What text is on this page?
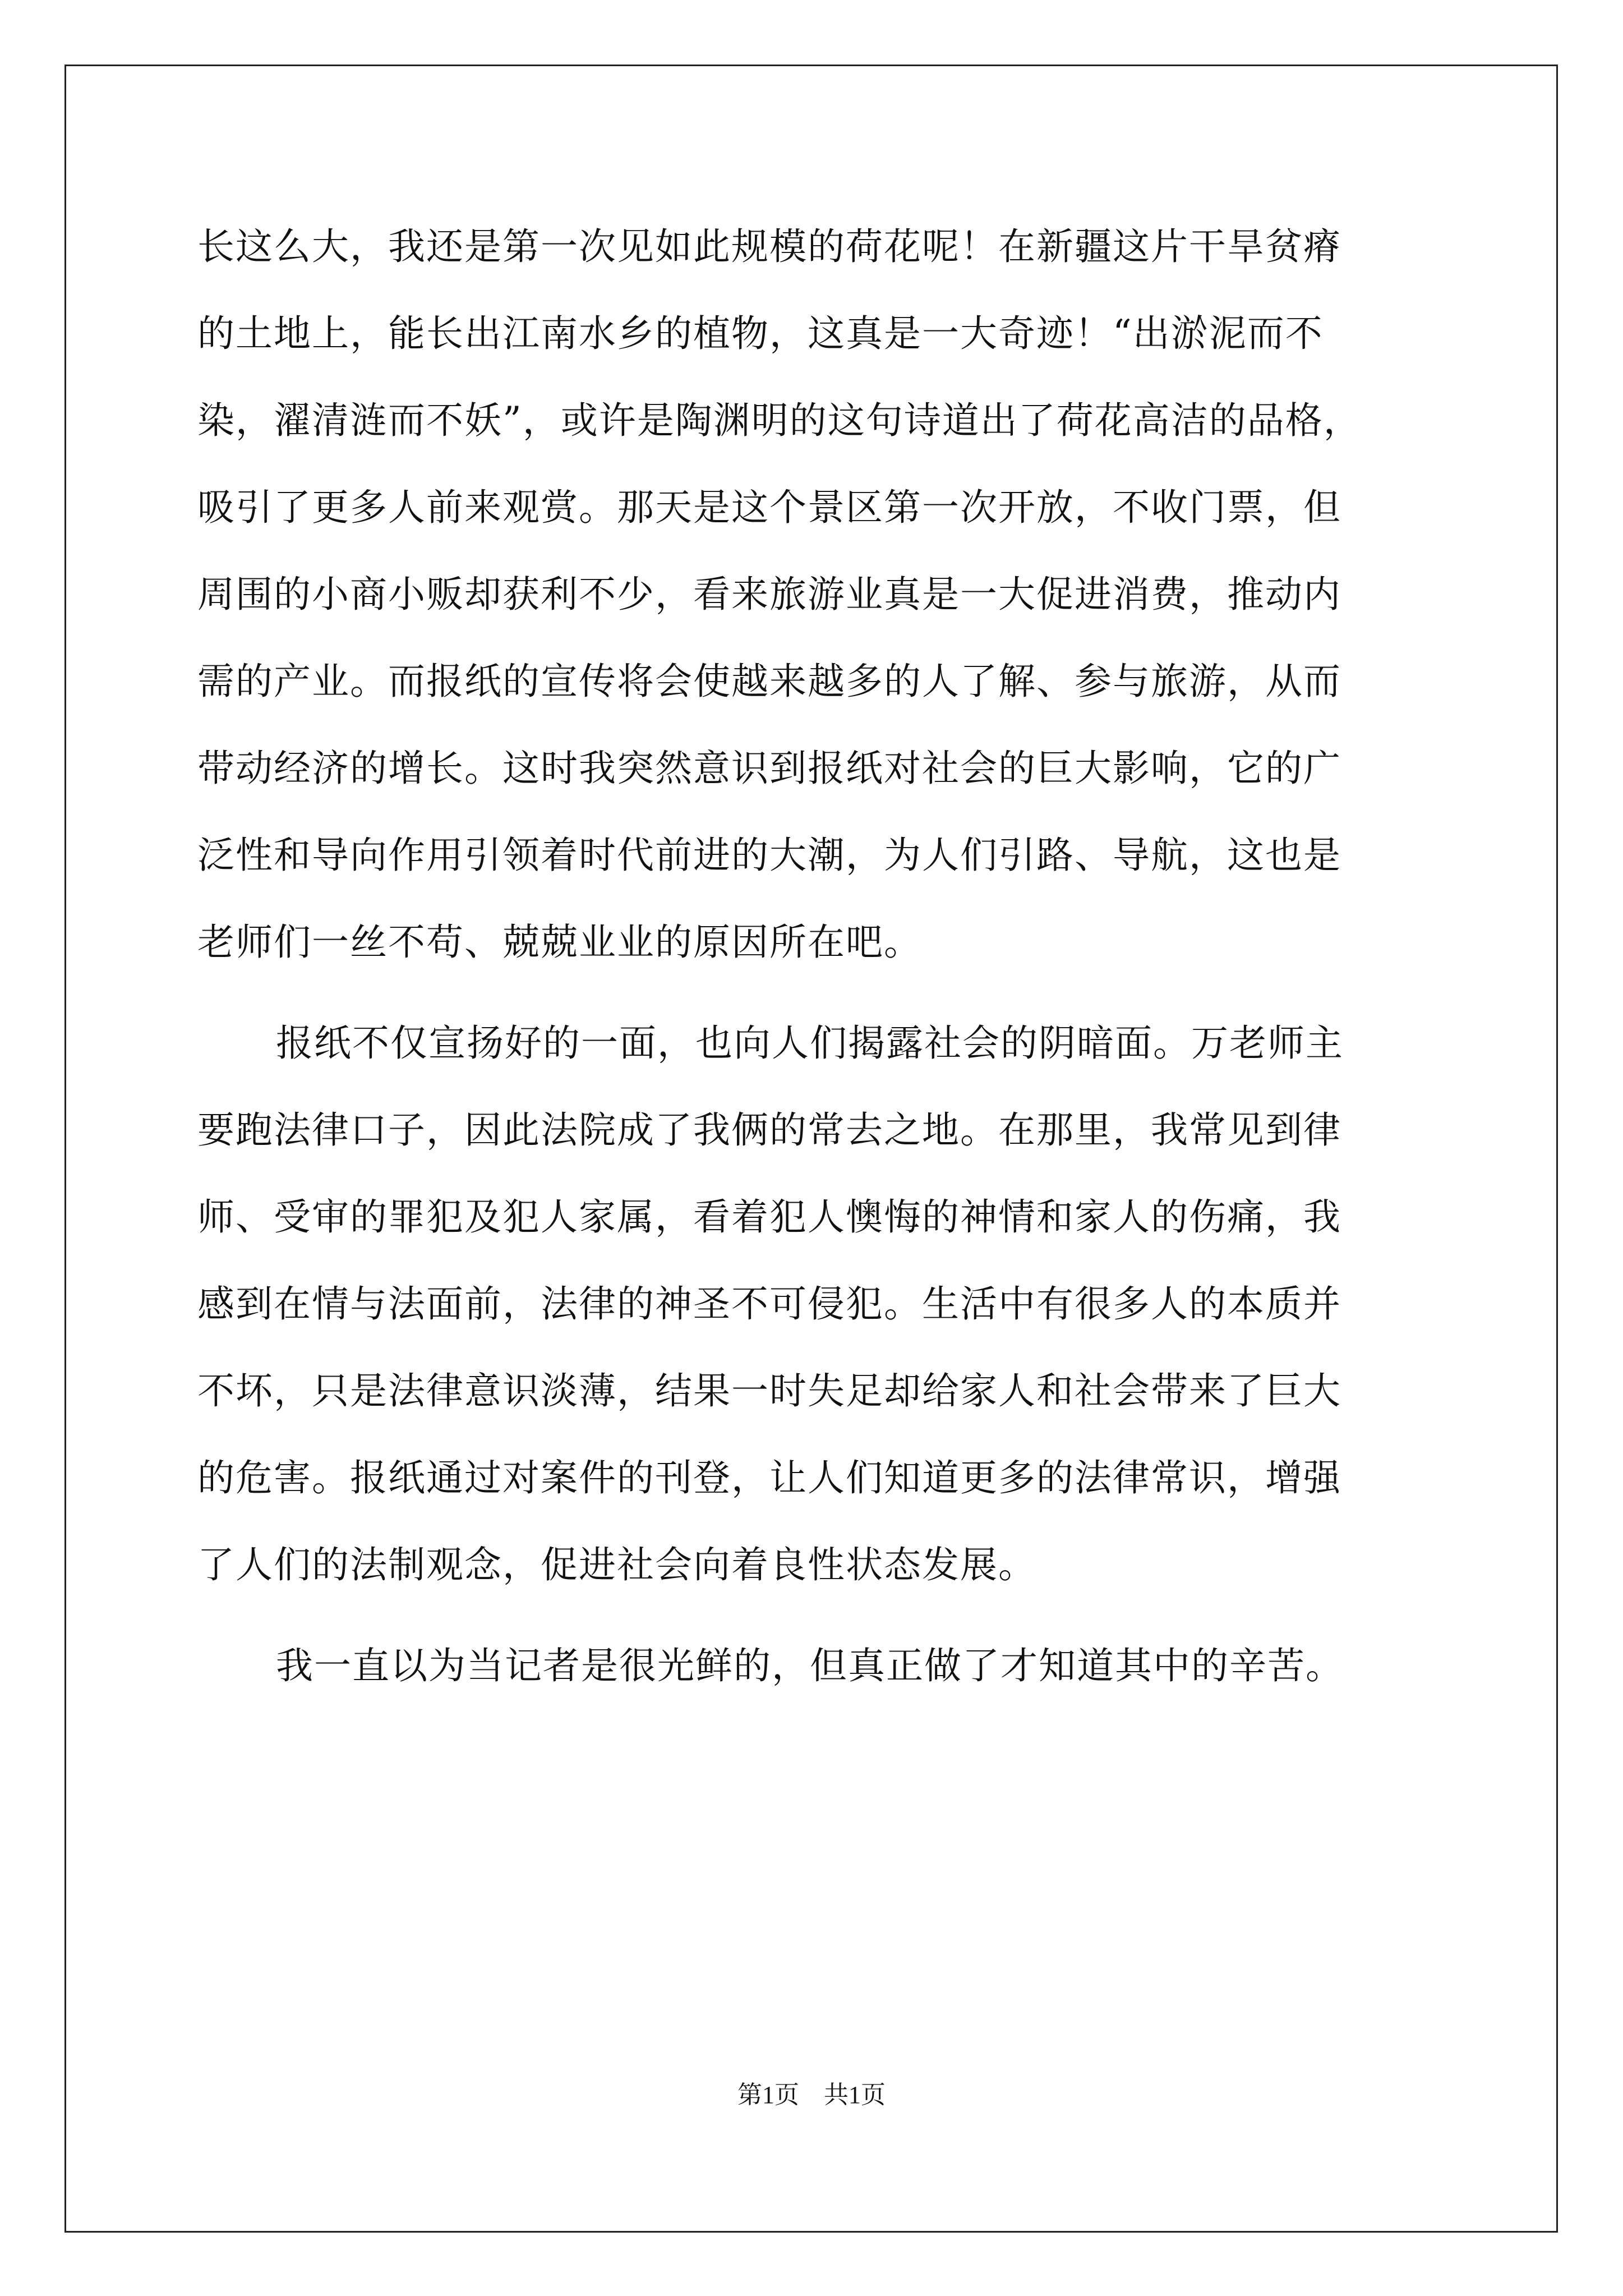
长这么大，我还是第一次见如此规模的荷花呢！在新疆这片干旱贫瘠
的土地上，能长出江南水乡的植物，这真是一大奇迹！“出淤泥而不
染，濯清涟而不妖”，或许是陶渊明的这句诗道出了荷花高洁的品格，
吸引了更多人前来观赏。那天是这个景区第一次开放，不收门票，但
周围的小商小贩却获利不少，看来旅游业真是一大促进消费，推动内
需的产业。而报纸的宣传将会使越来越多的人了解、参与旅游，从而
带动经济的增长。这时我突然意识到报纸对社会的巨大影响，它的广
泛性和导向作用引领着时代前进的大潮，为人们引路、导航，这也是
老师们一丝不苟、兢兢业业的原因所在吧。
报纸不仅宣扬好的一面，也向人们揭露社会的阴暗面。万老师主
要跑法律口子，因此法院成了我俩的常去之地。在那里，我常见到律
师、受审的罪犯及犯人家属，看着犯人懊悔的神情和家人的伤痛，我
感到在情与法面前，法律的神圣不可侵犯。生活中有很多人的本质并
不坏，只是法律意识淡薄，结果一时失足却给家人和社会带来了巨大
的危害。报纸通过对案件的刊登，让人们知道更多的法律常识，增强
了人们的法制观念，促进社会向着良性状态发展。
我一直以为当记者是很光鲜的，但真正做了才知道其中的辛苦。
第1页　共1页
